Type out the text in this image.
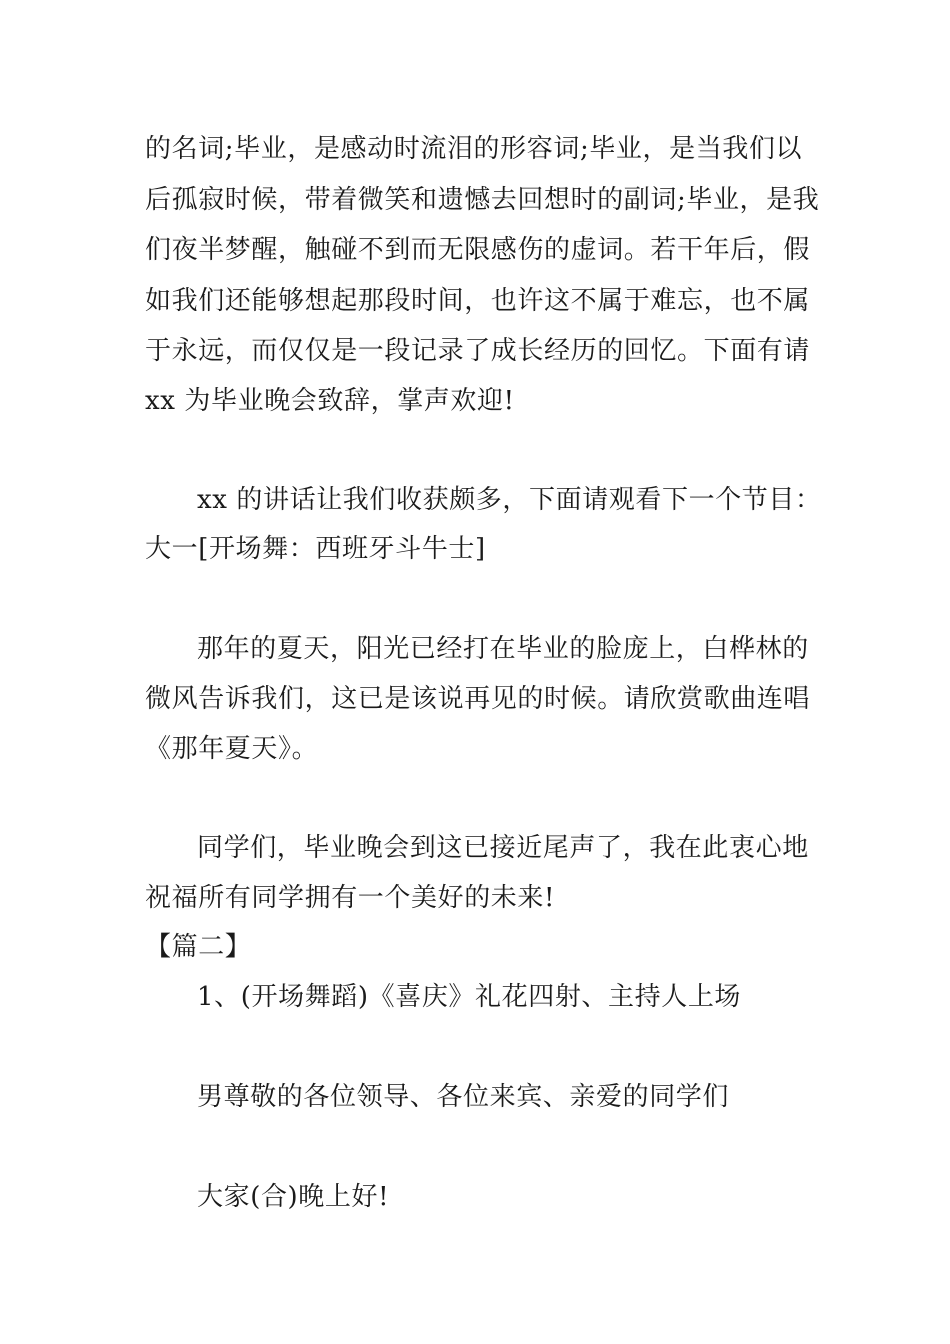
的名词;毕业，是感动时流泪的形容词;毕业，是当我们以
后孤寂时候，带着微笑和遗憾去回想时的副词;毕业，是我
们夜半梦醒，触碰不到而无限感伤的虚词。若干年后，假
如我们还能够想起那段时间，也许这不属于难忘，也不属
于永远，而仅仅是一段记录了成长经历的回忆。下面有请
xx 为毕业晚会致辞，掌声欢迎!
xx 的讲话让我们收获颇多，下面请观看下一个节目：
大一[开场舞：西班牙斗牛士]
那年的夏天，阳光已经打在毕业的脸庞上，白桦林的
微风告诉我们，这已是该说再见的时候。请欣赏歌曲连唱
《那年夏天》。
同学们，毕业晚会到这已接近尾声了，我在此衷心地
祝福所有同学拥有一个美好的未来!
【篇二】
1、(开场舞蹈)《喜庆》礼花四射、主持人上场
男尊敬的各位领导、各位来宾、亲爱的同学们
大家(合)晚上好!
